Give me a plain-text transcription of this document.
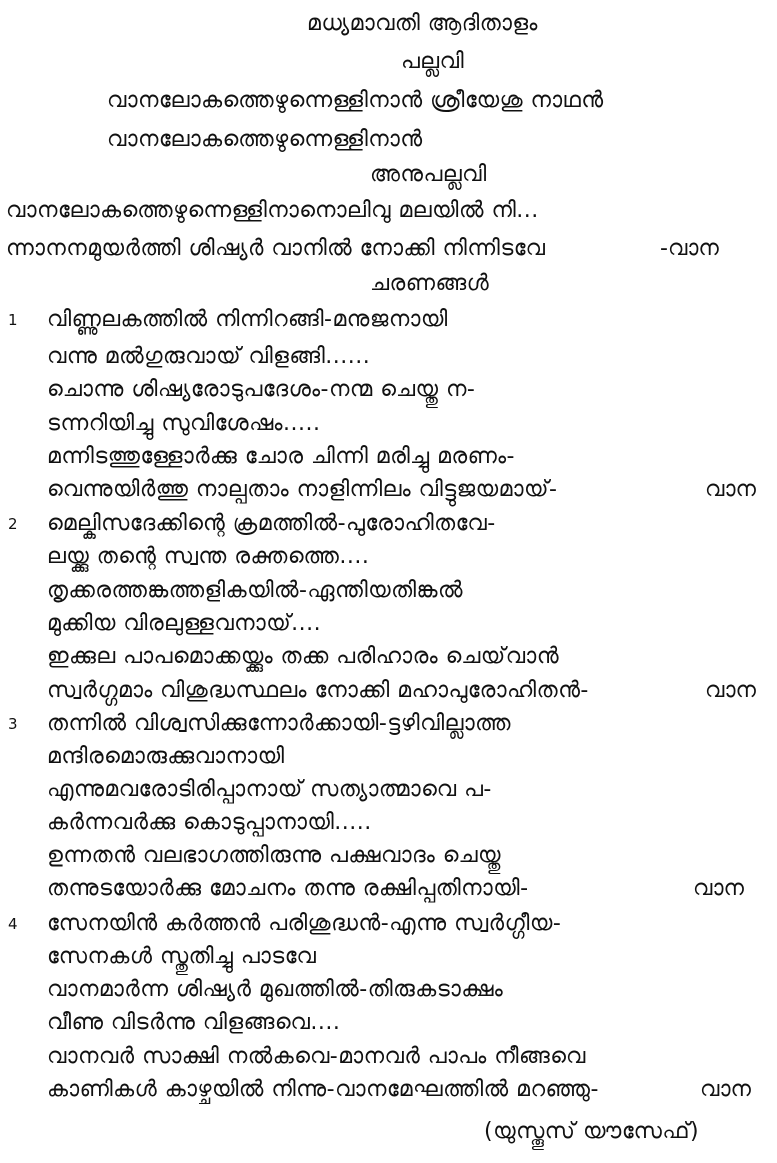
മധ്യമാവതി ആദിതാളം
പല്ലവി
വാനലോകത്തെഴുന്നെള്ളിനാൻ ശ്രീയേശു നാഥൻ
വാനലോകത്തെഴുന്നെള്ളിനാൻ
അനുപല്ലവി
വാനലോകത്തെഴുന്നെള്ളിനാനൊലിവു മലയിൽ നി...
ന്നാനനമുയർത്തി ശിഷ്യർ വാനിൽ നോക്കി നിന്നിടവേ	-വാന
ചരണങ്ങൾ
1 വിണ്ണുലകത്തിൽ നിന്നിറങ്ങി-മനുജനായി
വന്നു മൽഗുരുവായ് വിളങ്ങി......
ചൊന്നു ശിഷ്യരോടുപദേശം-നന്മ ചെയ്തു ന-
ടന്നറിയിച്ചു സുവിശേഷം.....
മന്നിടത്തുള്ളോർക്കു ചോര ചിന്നി മരിച്ചു മരണം-
വെന്നുയിർത്തു നാല്പതാം നാളിന്നിലം വിട്ടുജയമായ്-	വാന
2 മെല്കിസദേക്കിന്റെ ക്രമത്തിൽ-പുരോഹിതവേ-
ലയ്ക്കു തന്റെ സ്വന്ത രക്തത്തെ....
തൃക്കരത്തങ്കത്തളികയിൽ-ഏന്തിയതിങ്കൽ
മുക്കിയ വിരലുള്ളവനായ്....
ഇക്കുല പാപമൊക്കയ്ക്കും തക്ക പരിഹാരം ചെയ്‌വാൻ
സ്വർഗ്ഗമാം വിശുദ്ധസ്ഥലം നോക്കി മഹാപുരോഹിതൻ-	വാന
3 തന്നിൽ വിശ്വസിക്കുന്നോർക്കായി-ട്ടഴിവില്ലാത്ത
മന്ദിരമൊരുക്കുവാനായി
എന്നുമവരോടിരിപ്പാനായ് സത്യാത്മാവെ പ-
കർന്നവർക്കു കൊടുപ്പാനായി.....
ഉന്നതൻ വലഭാഗത്തിരുന്നു പക്ഷവാദം ചെയ്തു
തന്നുടയോർക്കു മോചനം തന്നു രക്ഷിപ്പതിനായി-	വാന
4 സേനയിൻ കർത്തൻ പരിശുദ്ധൻ-എന്നു സ്വർഗ്ഗീയ-
സേനകൾ സ്തുതിച്ചു പാടവേ
വാനമാർന്ന ശിഷ്യർ മുഖത്തിൽ-തിരുകടാക്ഷം
വീണു വിടർന്നു വിളങ്ങവെ....
വാനവർ സാക്ഷി നൽകവെ-മാനവർ പാപം നീങ്ങവെ
കാണികൾ കാഴ്ചയിൽ നിന്നു-വാനമേഘത്തിൽ മറഞ്ഞു-	വാന
(യുസ്തൂസ് യൗസേഫ്)
